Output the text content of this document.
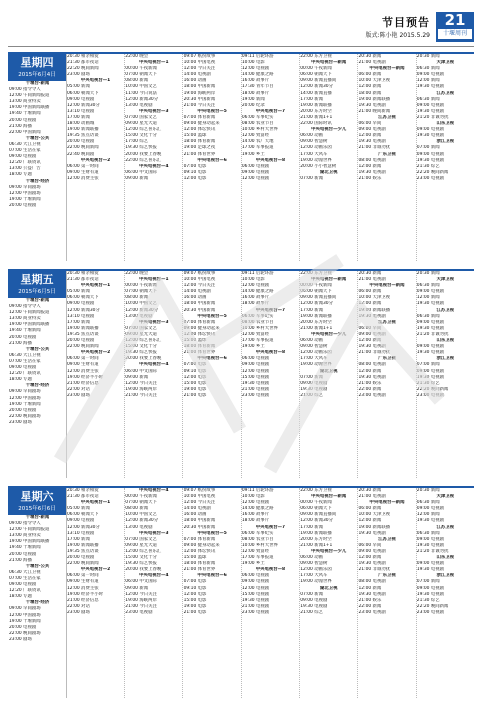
节目预告
版式:陈小艳 2015.5.29
21
十堰周刊
星期四
2015年6月4日
十堰台·新闻
09:00 指令令人
12:00 午间新闻报道
13:00 商业特卖
19:00 中国新闻联播
19:40 十堰新闻
20:00 电视剧
21:00 海播
22:00 中国新闻
十堰台·公共
06:30 大江卫视
07:00 生活在家
09:00 电视剧
12:20 广联资讯
13:00 公益广告
18:00 专题
十堰台·经济
09:00 早间剧场
12:00 中国剧场
19:00 十堰新闻
20:00 电视剧
20:30 相亲相爱
21:30 都市夜话
22:20 晚间新闻
23:00 剧场
中央电视台—1
05:00 新闻
06:00 朝闻天下
09:00 电视剧
12:00 新闻30分
13:10 电视剧
17:00 新闻
18:00 动画城
19:00 新闻联播
19:35 焦点访谈
20:00 电视剧
22:00 晚间新闻
22:40 晚间剧
中央电视台—2
06:00 第一时间
09:00 生财有道
12:00 消费主张
22:00 晚会
中央电视台—1
00:00 午夜新闻
07:00 朝闻天下
08:00 新闻
10:00 中国文艺
11:00 今日说法
12:00 新闻30分
13:00 电视剧
中央电视台—3
07:00 国家文艺
09:00 星光大道
12:00 综艺喜乐汇
15:00 文化十分
17:00 综艺
19:30 综艺快报
20:00 我要上春晚
22:00 综艺喜乐汇
中央电视台—4
06:00 中文国际
09:00 新闻
09:07 纸扮故事
10:00 中国电视
12:00 今日关注
14:00 电视剧
16:00 动画
18:00 中国新闻
19:00 海峡两岸
20:30 中国新闻
21:00 今日关注
中央电视台—5
07:00 体育新闻
09:00 健身动起来
12:00 体坛快讯
15:00 篮球
18:00 体育新闻
19:00 足球之夜
21:00 体育世界
中央电视台—6
07:00 电影
09:10 电影
12:00 电影
09:11 后轮环游
10:00 电影
12:00 电视剧
14:00 健康之路
16:00 故事片
17:30 青年节目
18:00 故事片
19:00 新闻
20:00 纪录
中央电视台—7
06:00 军事纪实
08:00 农业节目
10:00 乡村大世界
12:00 致富经
14:00 农广天地
17:00 军事报道
19:00 乡土
中央电视台—8
06:00 电视剧
09:00 电视剧
12:00 电视剧
22:00 东方卫视
中央电视台—新闻
00:00 午夜新闻
06:00 朝闻天下
09:00 新闻直播间
12:00 新闻30分
14:00 新闻直播
17:00 新闻
19:00 新闻联播
20:00 东方时空
21:00 新闻1+1
22:00 国际时讯
中央电视台—少儿
06:00 动画
09:00 智慧树
12:00 动画乐园
17:00 大风车
19:00 动漫世界
20:00 小小智慧树
湖北卫视
07:00 新闻
20:30 新闻
21:00 电视剧
中央电视台—新闻
06:00 新闻
10:00 天津卫视
12:00 新闻
18:00 新闻
19:00 新闻联播
19:30 电视剧
21:00 晚间新闻
江苏卫视
06:00 早间
09:00 电视剧
12:00 新闻
19:30 电视剧
21:00 非诚勿扰
广东卫视
08:00 电视剧
12:00 新闻
19:30 电视剧
21:00 娱乐
20:30 新闻
天津卫视
06:30 新闻
09:00 电视剧
12:00 新闻
19:30 电视剧
江苏卫视
06:30 新闻
09:00 电视剧
19:30 电视剧
21:20 非诚勿扰
山东卫视
09:00 电视剧
19:30 电视剧
浙江卫视
07:00 新闻
09:00 电视剧
19:30 电视剧
21:30 综艺
22:20 晚间新闻
23:00 电视剧
星期五
2015年6月5日
十堰台·新闻
09:00 指令令人
12:00 午间新闻报道
13:00 商业特卖
19:00 中国新闻联播
19:40 十堰新闻
20:00 电视剧
21:00 海播
十堰台·公共
06:30 大江卫视
07:00 生活在家
09:00 电视剧
12:20 广联资讯
18:00 专题
十堰台·经济
09:00 早间剧场
12:00 中国剧场
19:00 十堰新闻
20:00 电视剧
22:00 晚间剧场
23:00 剧场
20:30 相亲相爱
21:30 都市夜话
中央电视台—1
05:00 新闻
06:00 朝闻天下
09:00 电视剧
12:00 新闻30分
13:10 电视剧
17:00 新闻
19:00 新闻联播
19:35 焦点访谈
20:00 电视剧
22:00 晚间新闻
中央电视台—2
06:00 第一时间
09:00 生财有道
12:00 消费主张
19:00 经济半小时
21:00 经济信息
22:00 对话
23:00 剧场
22:00 晚会
中央电视台—1
00:00 午夜新闻
07:00 朝闻天下
08:00 新闻
10:00 中国文艺
12:00 新闻30分
13:00 电视剧
中央电视台—3
07:00 国家文艺
09:00 星光大道
12:00 综艺喜乐汇
15:00 文化十分
19:30 综艺快报
20:00 我要上春晚
中央电视台—4
06:00 中文国际
09:00 新闻
12:00 今日关注
19:00 海峡两岸
21:00 今日关注
09:07 纸扮故事
10:00 中国电视
12:00 今日关注
14:00 电视剧
16:00 动画
18:00 中国新闻
20:30 中国新闻
中央电视台—5
07:00 体育新闻
09:00 健身动起来
12:00 体坛快讯
15:00 篮球
18:00 体育新闻
21:00 体育世界
中央电视台—6
07:00 电影
09:10 电影
12:00 电影
15:00 电影
19:00 电影
21:00 电影
09:11 后轮环游
10:00 电影
12:00 电视剧
14:00 健康之路
16:00 故事片
18:00 故事片
中央电视台—7
06:00 军事纪实
08:00 农业节目
10:00 乡村大世界
12:00 致富经
17:00 军事报道
19:00 乡土
中央电视台—8
06:00 电视剧
09:00 电视剧
12:00 电视剧
15:00 电视剧
19:30 电视剧
21:00 电视剧
23:00 电视剧
22:00 东方卫视
中央电视台—新闻
00:00 午夜新闻
06:00 朝闻天下
09:00 新闻直播间
12:00 新闻30分
17:00 新闻
19:00 新闻联播
20:00 东方时空
21:00 新闻1+1
中央电视台—少儿
06:00 动画
09:00 智慧树
12:00 动画乐园
17:00 大风车
19:00 动漫世界
湖北卫视
07:00 新闻
09:00 电视剧
19:30 电视剧
21:00 综艺
20:30 新闻
21:00 电视剧
中央电视台—新闻
06:00 新闻
10:00 天津卫视
12:00 新闻
19:00 新闻联播
19:30 电视剧
江苏卫视
06:00 早间
09:00 电视剧
12:00 新闻
19:30 电视剧
21:00 非诚勿扰
广东卫视
08:00 电视剧
12:00 新闻
19:30 电视剧
21:00 娱乐
22:00 新闻
23:00 电视剧
20:30 新闻
天津卫视
06:30 新闻
09:00 电视剧
12:00 新闻
19:30 电视剧
江苏卫视
06:30 新闻
09:00 电视剧
19:30 电视剧
21:20 非诚勿扰
山东卫视
09:00 电视剧
19:30 电视剧
浙江卫视
07:00 新闻
09:00 电视剧
19:30 电视剧
21:30 综艺
22:20 晚间新闻
23:00 电视剧
星期六
2015年6月6日
十堰台·新闻
09:00 指令令人
12:00 午间新闻报道
13:00 商业特卖
19:00 中国新闻联播
19:40 十堰新闻
20:00 电视剧
21:00 海播
十堰台·公共
06:30 大江卫视
07:00 生活在家
09:00 电视剧
12:20 广联资讯
18:00 专题
十堰台·经济
09:00 早间剧场
12:00 中国剧场
19:00 十堰新闻
20:00 电视剧
22:00 晚间剧场
23:00 剧场
20:30 相亲相爱
21:30 都市夜话
中央电视台—1
05:00 新闻
06:00 朝闻天下
09:00 电视剧
12:00 新闻30分
13:10 电视剧
17:00 新闻
19:00 新闻联播
19:35 焦点访谈
20:00 电视剧
22:00 晚间新闻
中央电视台—2
06:00 第一时间
09:00 生财有道
12:00 消费主张
19:00 经济半小时
21:00 经济信息
22:00 对话
23:00 剧场
中央电视台—4
00:00 午夜新闻
07:00 朝闻天下
08:00 新闻
10:00 中国文艺
12:00 新闻30分
13:00 电视剧
中央电视台—3
07:00 国家文艺
09:00 星光大道
12:00 综艺喜乐汇
15:00 文化十分
19:30 综艺快报
20:00 我要上春晚
中央电视台—4
06:00 中文国际
09:00 新闻
12:00 今日关注
19:00 海峡两岸
21:00 今日关注
23:00 电视剧
09:07 纸扮故事
10:00 中国电视
12:00 今日关注
14:00 电视剧
16:00 动画
18:00 中国新闻
20:30 中国新闻
中央电视台—5
07:00 体育新闻
09:00 健身动起来
12:00 体坛快讯
15:00 篮球
18:00 体育新闻
21:00 体育世界
中央电视台—6
07:00 电影
09:10 电影
12:00 电影
15:00 电影
19:00 电影
21:00 电影
09:11 后轮环游
10:00 电影
12:00 电视剧
14:00 健康之路
16:00 故事片
18:00 故事片
中央电视台—7
06:00 军事纪实
08:00 农业节目
10:00 乡村大世界
12:00 致富经
17:00 军事报道
19:00 乡土
中央电视台—8
06:00 电视剧
09:00 电视剧
12:00 电视剧
15:00 电视剧
19:30 电视剧
21:00 电视剧
23:00 电视剧
22:00 东方卫视
中央电视台—新闻
00:00 午夜新闻
06:00 朝闻天下
09:00 新闻直播间
12:00 新闻30分
17:00 新闻
19:00 新闻联播
20:00 东方时空
21:00 新闻1+1
中央电视台—少儿
06:00 动画
09:00 智慧树
12:00 动画乐园
17:00 大风车
19:00 动漫世界
湖北卫视
07:00 新闻
09:00 电视剧
19:30 电视剧
21:00 综艺
20:30 新闻
21:00 电视剧
中央电视台—新闻
06:00 新闻
10:00 天津卫视
12:00 新闻
19:00 新闻联播
19:30 电视剧
江苏卫视
06:00 早间
09:00 电视剧
12:00 新闻
19:30 电视剧
21:00 非诚勿扰
广东卫视
08:00 电视剧
12:00 新闻
19:30 电视剧
21:00 娱乐
22:00 新闻
23:00 电视剧
20:30 新闻
天津卫视
06:30 新闻
09:00 电视剧
12:00 新闻
19:30 电视剧
江苏卫视
06:30 新闻
09:00 电视剧
19:30 电视剧
21:20 非诚勿扰
山东卫视
09:00 电视剧
19:30 电视剧
浙江卫视
07:00 新闻
09:00 电视剧
19:30 电视剧
21:30 综艺
22:20 晚间新闻
23:00 电视剧
